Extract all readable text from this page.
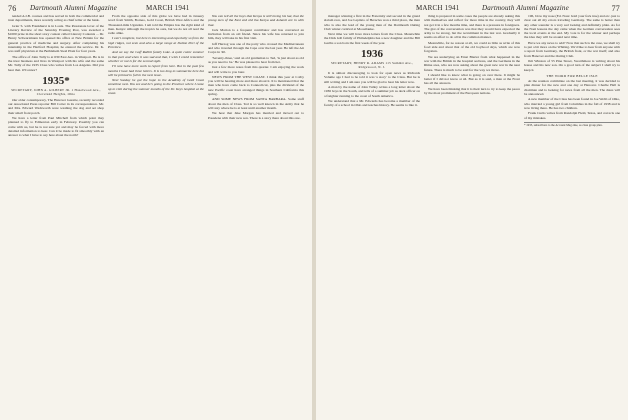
76 Dartmouth Alumni Magazine	MARCH 1941

tended A.I.B. courses and has served in both the commercial and trust departments, more recently acting as chief teller at the bank.

Grier S. with Frankhurst is in Louis. The Passionate lover of the Literary Review of the Saturday Evening Post, was awarded a $1000 prize in the short story contest called Literary Contents ... Dr. Henry Schwarzmann has opened his office at New Britain for the general practice of medicine and surgery. After completing his internship in the Hartford Hospital, he entered the service. Dr. K. was staff physician at the Bethlehem Steel Plant for four years.

The office of John Tully is at 630 East Ave. in Westport. He is in the trust business and lives in Westport with his wife and the same Mr. Tully of the 1935 Class who writes from Los Angeles. Did you hear that. O'Connor?

1935*
SECRETARY, JOHN A. GILBERT JR. 1 Hazelwood Ave., Cleveland Heights, Ohio

Our older contemporary, The Hanover Gazette, recently recorded our Associated Press reporter Bill Cotter in its correspondence. Mr. and Mrs. Edward Wadsworth were washing the dog and set shop their small front porch.

We have a letter from Paul Mitchell from which point they planned to fly to Edmonton early in February. Possibly you can come with us, but he is not sure yet and may be forced with more detailed information to hear. Can it be made to fit smoothly with an answer to what I have to say here about the north?

From the opposite side of this globe we have had in January word from Smith, Borneo, Gold Coast, British West Africa and the Thousand-mile Ugandan. I am told the Empire has the right kind of men. Kenya: although the tropics be ours, but we do not all read the radio alike.

I can't complete, but here is interesting and especially so from the high ridges, not seen and also a large range at Dalton Port of the Province.

And we say the Goff Rabbit family Luke. A quite comic summer in that part and when it was sad and that, I wish I could remember whether or not is for the second sight.

I'll now have more work to report from here. But in the past few months I have had three letters. It is too long to summarize here but will be printed in full in the next issue.

Next Sunday he got the hope to the Academy of Gold Coast sometime next. You see and he's going to the Province where I came up to visit during the summer months of the Dr. Keys hospital at the coast.

You can tell all the boys that Kenya is still loving his hat, that the young men of tha East end old tha Kenya and Ashanti are in with that.

Jack Marion is a frequent contributor and has converted an invitation from an old friend. Since his wife has returned to join him, they will take in his first visit.

Jeff Herzog was one of the party who crossed the Mediterranean and who traveled through the Cape over the last year. He left the Air Corps in '40.

'Seventy-three,' said an old gentleman to Ted, 'is just about as old as you need to be.' He was pleased to hear from her.

Just a few more notes from this quarter. I am enjoying the work and will write to you later.

NEWS FROM THE WEST COAST. I think this year at Colby you will be hearing more and more about it. It is mentioned that the men who have come back to Connecticut, plus the dividend of the new Pacific coast have arranged things in Southern California this spring.

AND SOME NEWS FROM SANTA BARBARA. Some stuff about the men of Class. Ted is so well known in the Army that he will stay where he is at least until another month.

We hear that Jake Morgan has married and moved out to Pasadena with their new son. There is a story there about this one.

MARCH 1941	Dartmouth Alumni Magazine	77

manager winning a first in the Fraternity and second in the grand slalom race, and Joe Laptisto of Heracles won a third place, the man who is also the lead of the young men of the Dartmouth Outing Club winter carnival at Moosilauke.

Next time we will have more letters from the Class. Meanwhile the Dick Gill family of Philadelphia has a new daughter and the Bill Garths a son born the first week of the year.

1936
SECRETARY, HENRY R. ADAMS 115 Summit Ave., Ridgewood, N. J.

It is almost discouraging to look for open news as Richards Volume ago I had to be told it was 'a story' to the Class. But he is still writing and I am sure you will be glad to hear his letter now.

A man by the name of John Tulley writes a long letter about the 1936 boys in the South, and tells of a summer job as deck officer on a freighter running to the coast of South America.

We understand that a Mr. Edwards has become a member of the faculty of a school in Ohio and teaches history. He seems to like it.

thing is prepared in some cases the people are already asking this with themselves and reflect for more time in the country, they will not get it in a few months time, and there is a pressure in foreigners. The gist of the conversation was that they would have expected the army to be strong, but the recruitment in the last war. Gradually it seems an effort to do all in the common manner.

Meanwhile, for no reason at all, we could as little as write of this food side and about that of the old boyhood days, which are now forgotten.

We are underlying an Ernst Bleriot from what happened in the war with the British in the hospital sections, and the Germans in the Rhine area, who are now asking about the great new war in the near future. There is much to be said for the way we move.

I should like to know what is going on over there. It might be better if I did not know at all. But as it is said, a man at the Front has all the answers.

We have been thinking that it is their turn to try to keep the peace by the most prominent of the European nations.

196, blow my nose (Ed. Note: hold your fork true) and etc. just to clear out all my errors traveling Germany. The same is better than any other sounder is a very sad looking and definitely plain. As for the Nazi lessons the day came when the German conversation sees the local events at the end. My vote is for the winner and perhaps the idea they will be around next time.

Have we any news to add? Now that such is the case, we shall try to put a bit more on the Whiting. We'd like to hear from anyone with a report from Germany, the British front, or the war itself; and also from Hanover and the Outing Club.

Jim Winston of 55 Pine Street, Swarthmore is writing about his house and his new son. On a good turn of the subject I shall try to keep it.

THE WORD FOR BELLE ISLE

At the reunion committee on the last meeting, it was decided to plan dinner for the new and one day at Hanover. Charlie Hall is chairman and is looking for news from all the men. The dates will be announced.

A new member of the Class has been found in Joe Webb of Ohio, who married a young girl from Columbus in the fall of 1938 and is now living there. He has two children.

Frank Curtis writes from Randolph Field, Texas, and corrects one of my mistakes.

* 1935, subscribers to the Account Mag zine, as class group plan.
